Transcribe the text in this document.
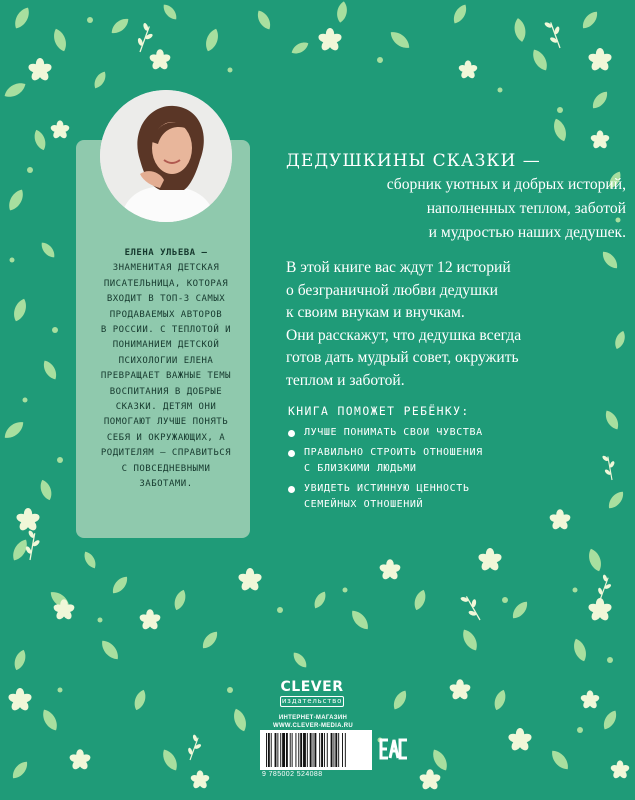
ЕЛЕНА УЛЬЕВА —
ЗНАМЕНИТАЯ ДЕТСКАЯ
ПИСАТЕЛЬНИЦА, КОТОРАЯ
ВХОДИТ В ТОП-3 САМЫХ
ПРОДАВАЕМЫХ АВТОРОВ
В РОССИИ. С ТЕПЛОТОЙ И
ПОНИМАНИЕМ ДЕТСКОЙ
ПСИХОЛОГИИ ЕЛЕНА
ПРЕВРАЩАЕТ ВАЖНЫЕ ТЕМЫ
ВОСПИТАНИЯ В ДОБРЫЕ
СКАЗКИ. ДЕТЯМ ОНИ
ПОМОГАЮТ ЛУЧШЕ ПОНЯТЬ
СЕБЯ И ОКРУЖАЮЩИХ, А
РОДИТЕЛЯМ — СПРАВИТЬСЯ
С ПОВСЕДНЕВНЫМИ
ЗАБОТАМИ.
ДЕДУШКИНЫ СКАЗКИ —
сборник уютных и добрых историй,
наполненных теплом, заботой
и мудростью наших дедушек.
В этой книге вас ждут 12 историй
о безграничной любви дедушки
к своим внукам и внучкам.
Они расскажут, что дедушка всегда
готов дать мудрый совет, окружить
теплом и заботой.
КНИГА ПОМОЖЕТ РЕБЁНКУ:
ЛУЧШЕ ПОНИМАТЬ СВОИ ЧУВСТВА
ПРАВИЛЬНО СТРОИТЬ ОТНОШЕНИЯ
С БЛИЗКИМИ ЛЮДЬМИ
УВИДЕТЬ ИСТИННУЮ ЦЕННОСТЬ
СЕМЕЙНЫХ ОТНОШЕНИЙ
CLEVER
издательство
ИНТЕРНЕТ-МАГАЗИН
WWW.CLEVER-MEDIA.RU
9 785002 524088
